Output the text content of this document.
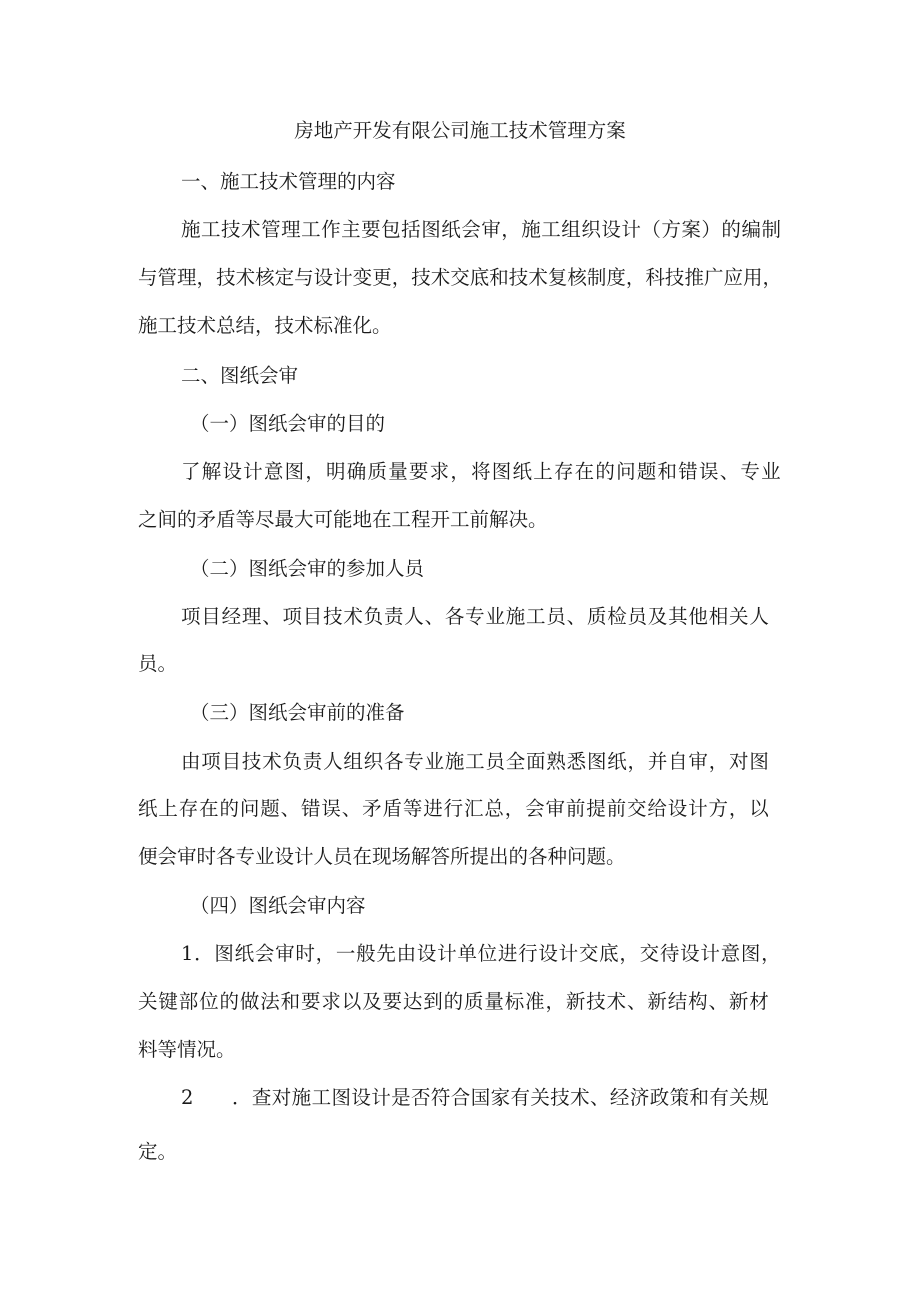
房地产开发有限公司施工技术管理方案

一、施工技术管理的内容

施 工 技 术 管 理 工 作 主 要 包 括 图 纸 会 审 ， 施 工 组 织 设 计 （ 方 案 ） 的 编 制

与 管 理 ， 技 术 核 定 与 设 计 变 更 ， 技 术 交 底 和 技 术 复 核 制 度 ， 科 技 推 广 应 用 ，

施工技术总结，技术标准化。

二、图纸会审

（一）图纸会审的目的

了 解 设 计 意 图 ， 明 确 质 量 要 求 ， 将 图 纸 上 存 在 的 问 题 和 错 误 、 专 业

之间的矛盾等尽最大可能地在工程开工前解决。

（二）图纸会审的参加人员

项 目 经 理 、 项 目 技 术 负 责 人 、 各 专 业 施 工 员 、 质 检 员 及 其 他 相 关 人

员。

（三）图纸会审前的准备

由 项 目 技 术 负 责 人 组 织 各 专 业 施 工 员 全 面 熟 悉 图 纸 ， 并 自 审 ， 对 图

纸 上 存 在 的 问 题 、 错 误 、 矛 盾 等 进 行 汇 总 ， 会 审 前 提 前 交 给 设 计 方 ， 以

便会审时各专业设计人员在现场解答所提出的各种问题。

（四）图纸会审内容

1 ． 图 纸 会 审 时 ， 一 般 先 由 设 计 单 位 进 行 设 计 交 底 ， 交 待 设 计 意 图 ，

关 键 部 位 的 做 法 和 要 求 以 及 要 达 到 的 质 量 标 准 ， 新 技 术 、 新 结 构 、 新 材

料等情况。

2 ． 查 对 施 工 图 设 计 是 否 符 合 国 家 有 关 技 术 、 经 济 政 策 和 有 关 规

定。
